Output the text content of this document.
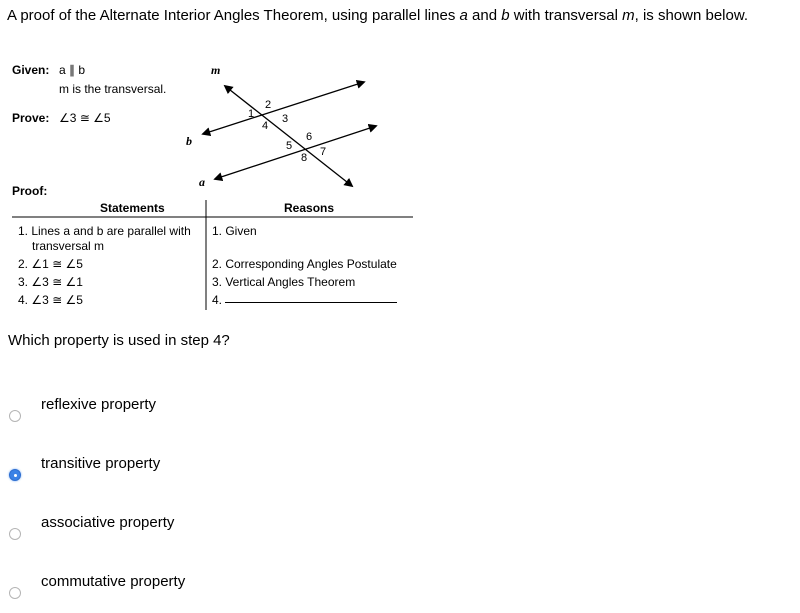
A proof of the Alternate Interior Angles Theorem, using parallel lines a and b with transversal m, is shown below.
Given: a ∥ b
m is the transversal.
Prove: ∠3 ≅ ∠5
Proof:
m
b
a
1
2
3
4
5
6
7
8
Statements	Reasons
1. Lines a and b are parallel with
transversal m
2. ∠1 ≅ ∠5
3. ∠3 ≅ ∠1
4. ∠3 ≅ ∠5
1. Given
2. Corresponding Angles Postulate
3. Vertical Angles Theorem
4.
Which property is used in step 4?
reflexive property
transitive property
associative property
commutative property
